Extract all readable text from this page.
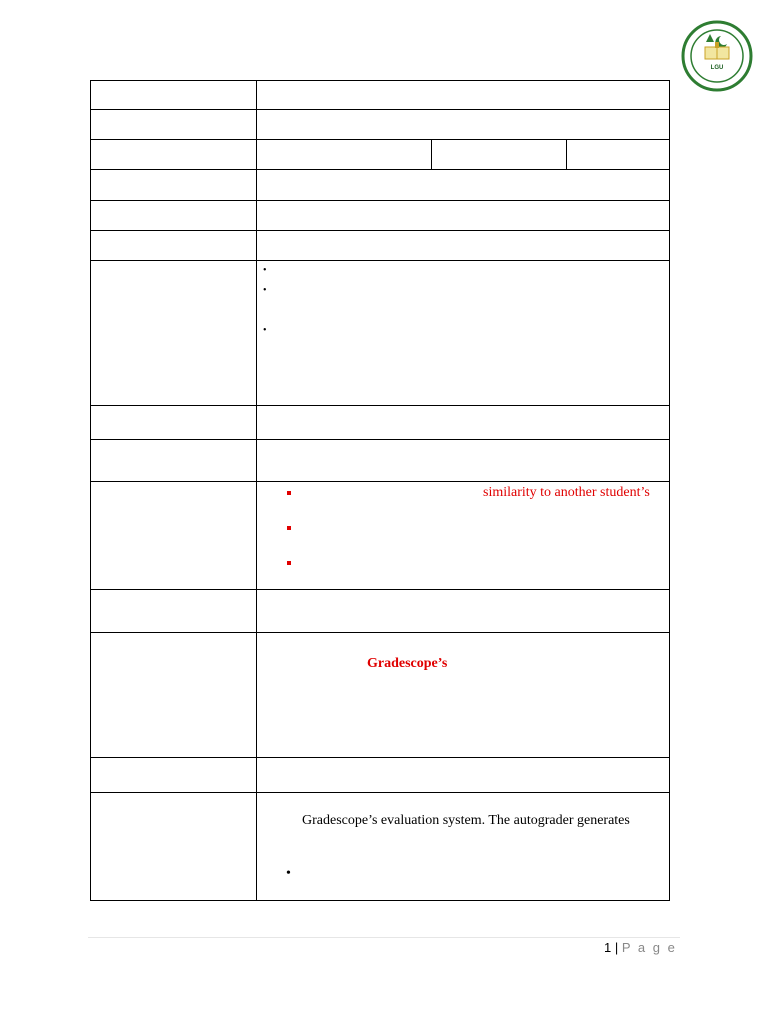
LGU
•
•
•
similarity to another student’s
Gradescope’s
Gradescope’s evaluation system. The autograder generates
•
1 | P a g e
